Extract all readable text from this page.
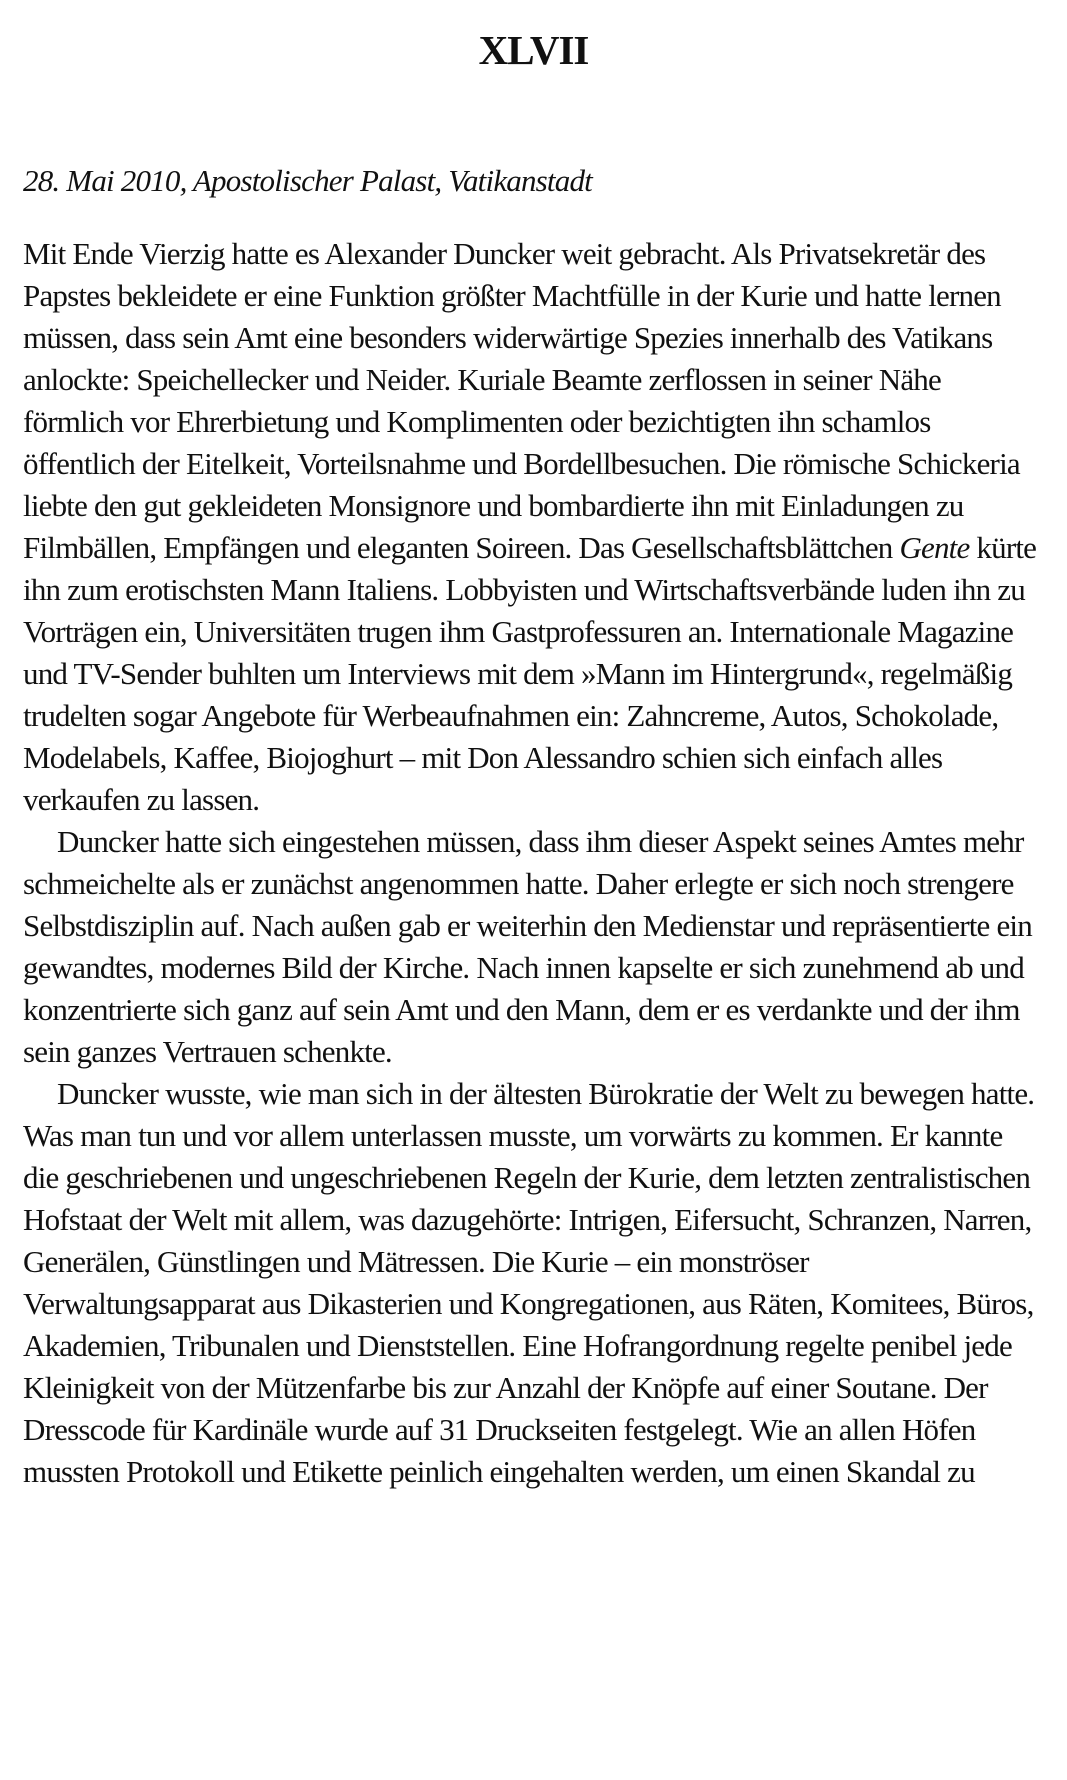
XLVII

28. Mai 2010, Apostolischer Palast, Vatikanstadt

Mit Ende Vierzig hatte es Alexander Duncker weit gebracht. Als Privatsekretär des Papstes bekleidete er eine Funktion größter Machtfülle in der Kurie und hatte lernen müssen, dass sein Amt eine besonders widerwärtige Spezies innerhalb des Vatikans anlockte: Speichellecker und Neider. Kuriale Beamte zerflossen in seiner Nähe förmlich vor Ehrerbietung und Komplimenten oder bezichtigten ihn schamlos öffentlich der Eitelkeit, Vorteilsnahme und Bordellbesuchen. Die römische Schickeria liebte den gut gekleideten Monsignore und bombardierte ihn mit Einladungen zu Filmbällen, Empfängen und eleganten Soireen. Das Gesellschaftsblättchen Gente kürte ihn zum erotischsten Mann Italiens. Lobbyisten und Wirtschaftsverbände luden ihn zu Vorträgen ein, Universitäten trugen ihm Gastprofessuren an. Internationale Magazine und TV-Sender buhlten um Interviews mit dem »Mann im Hintergrund«, regelmäßig trudelten sogar Angebote für Werbeaufnahmen ein: Zahncreme, Autos, Schokolade, Modelabels, Kaffee, Biojoghurt – mit Don Alessandro schien sich einfach alles verkaufen zu lassen.

Duncker hatte sich eingestehen müssen, dass ihm dieser Aspekt seines Amtes mehr schmeichelte als er zunächst angenommen hatte. Daher erlegte er sich noch strengere Selbstdisziplin auf. Nach außen gab er weiterhin den Medienstar und repräsentierte ein gewandtes, modernes Bild der Kirche. Nach innen kapselte er sich zunehmend ab und konzentrierte sich ganz auf sein Amt und den Mann, dem er es verdankte und der ihm sein ganzes Vertrauen schenkte.

Duncker wusste, wie man sich in der ältesten Bürokratie der Welt zu bewegen hatte. Was man tun und vor allem unterlassen musste, um vorwärts zu kommen. Er kannte die geschriebenen und ungeschriebenen Regeln der Kurie, dem letzten zentralistischen Hofstaat der Welt mit allem, was dazugehörte: Intrigen, Eifersucht, Schranzen, Narren, Generälen, Günstlingen und Mätressen. Die Kurie – ein monströser Verwaltungsapparat aus Dikasterien und Kongregationen, aus Räten, Komitees, Büros, Akademien, Tribunalen und Dienststellen. Eine Hofrangordnung regelte penibel jede Kleinigkeit von der Mützenfarbe bis zur Anzahl der Knöpfe auf einer Soutane. Der Dresscode für Kardinäle wurde auf 31 Druckseiten festgelegt. Wie an allen Höfen mussten Protokoll und Etikette peinlich eingehalten werden, um einen Skandal zu
